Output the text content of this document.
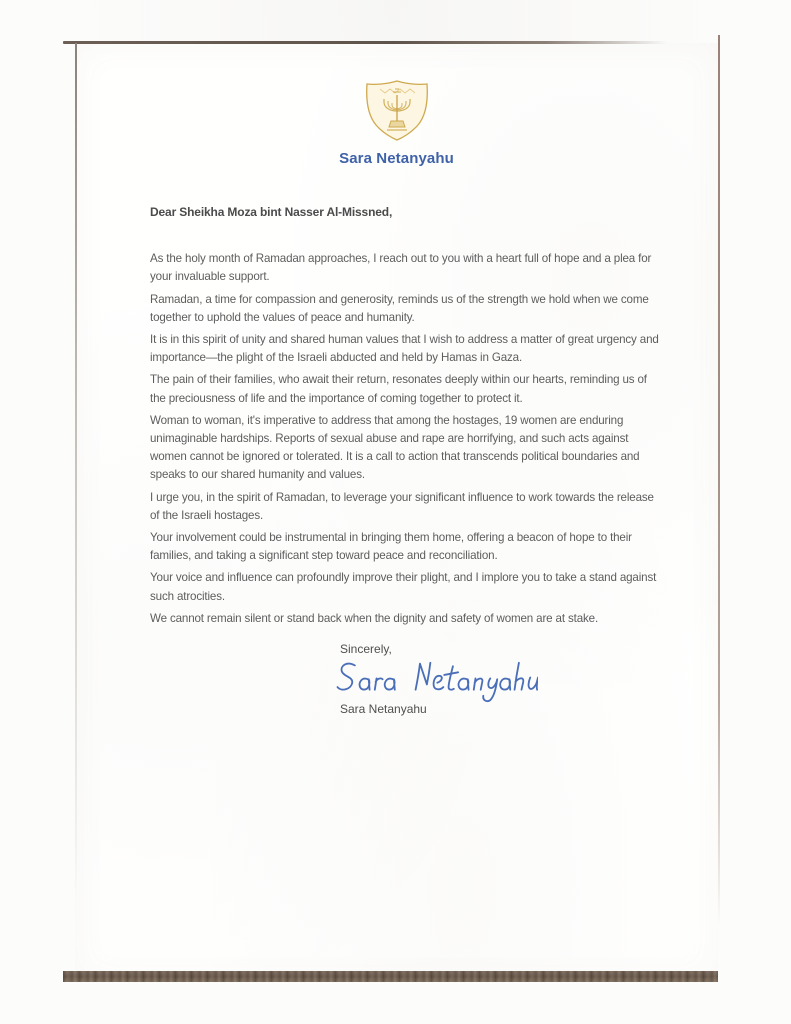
Sara Netanyahu

Dear Sheikha Moza bint Nasser Al-Missned,

As the holy month of Ramadan approaches, I reach out to you with a heart full of hope and a plea for your invaluable support.

Ramadan, a time for compassion and generosity, reminds us of the strength we hold when we come together to uphold the values of peace and humanity.

It is in this spirit of unity and shared human values that I wish to address a matter of great urgency and importance—the plight of the Israeli abducted and held by Hamas in Gaza.

The pain of their families, who await their return, resonates deeply within our hearts, reminding us of the preciousness of life and the importance of coming together to protect it.

Woman to woman, it's imperative to address that among the hostages, 19 women are enduring unimaginable hardships. Reports of sexual abuse and rape are horrifying, and such acts against women cannot be ignored or tolerated. It is a call to action that transcends political boundaries and speaks to our shared humanity and values.

I urge you, in the spirit of Ramadan, to leverage your significant influence to work towards the release of the Israeli hostages.

Your involvement could be instrumental in bringing them home, offering a beacon of hope to their families, and taking a significant step toward peace and reconciliation.

Your voice and influence can profoundly improve their plight, and I implore you to take a stand against such atrocities.

We cannot remain silent or stand back when the dignity and safety of women are at stake.

Sincerely,

Sara Netanyahu
